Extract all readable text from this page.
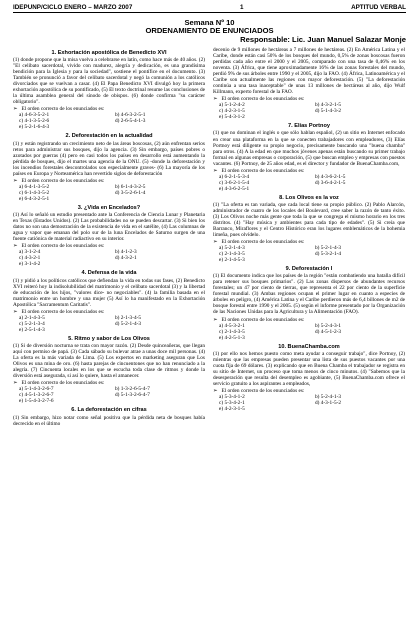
IDEPUNP/CICLO ENERO – MARZO 2007	1	APTITUD VERBAL
Semana Nº 10
ORDENAMIENTO DE ENUNCIADOS
Responsable: Lic. Juan Manuel Salazar Monje
1. Exhortación apostólica de Benedicto XVI

(1) donde propone que la misa vuelva a celebrarse en latín, como hace más de 40 años. (2) "El celibato sacerdotal, vivido con madurez, alegría y dedicación, es una grandísima bendición para la Iglesia y para la sociedad", sostiene el pontífice en el documento. (3) También se pronunció a favor del celibato sacerdotal y negó la comunión a los católicos divorciados que se vuelvan a casar. (4) El Papa Benedicto XVI divulgó hoy la primera exhortación apostólica de su pontificado, (5) El texto doctrinal resume las conclusiones de la última asamblea general del sínodo de obispos. (6) donde confirma "su carácter obligatorio".

➢ El orden correcto de los enunciados es:
a) 4-6-3-5-2-1	b) 4-6-3-2-5-1
c) 4-1-3-5-2-6	d) 2-6-5-4-1-3
e) 5-2-1-6-4-3
2. Deforestación en la actualidad

(1) y están registrando un crecimiento neto de las áreas boscosas, (2) aún enfrentan serios retos para administrar sus bosques, dijo la agencia. (3) Sin embargo, países pobres o azotados por guerras (4) pero en casi todos los países en desarrollo está aumentando la pérdida de bosques, dijo el martes una agencia de la ONU. (5) -donde la deforestación y los incendios forestales descontrolados son especialmente graves- (6) La mayoría de los países en Europa y Norteamérica han revertido siglos de deforestación

➢ El orden correcto de los enunciados es:
a) 6-4-1-3-5-2	b) 6-1-4-3-2-5
c) 6-1-4-3-5-2	d) 3-5-2-6-1-4
e) 6-4-3-2-5-1
3. ¿Vida en Encelados?

(1) Así lo señaló un estudio presentado ante la Conferencia de Ciencia Lunar y Planetaria en Texas (Estados Unidos). (2) Las probabilidades no se pueden descartar. (3) Si bien los datos no son una demostración de la existencia de vida en el satélite, (4) Las columnas de agua y vapor que emanan del polo sur de la luna Encelados de Saturno surgen de una fuente catiónica de material radiactivo en su interior.

➢ El orden correcto de los enunciados es:
a) 3-1-2-4	b) 4-1-2-3
c) 4-3-2-1	d) 4-3-2-1
e) 3-1-4-2
4. Defensa de la vida

(1) y pidió a los políticos católicos que defiendan la vida en todas sus fases, (2) Benedicto XVI reiteró hoy la indisolubilidad del matrimonio y el celibato sacerdotal (3) y la libertad de educación de los hijos, "valores dice- no negociables". (4) la familia basada en el matrimonio entre un hombre y una mujer (5) Así lo ha manifestado en la Exhortación Apostólica "Sacramentum Caritatis".

➢ El orden correcto de los enunciados es:
a) 2-1-4-3-5	b) 2-1-3-4-5
c) 5-2-1-3-4	d) 5-2-1-4-3
e) 2-5-1-4-3
5. Ritmo y sabor de Los Olivos

(1) Si de diversión nocturna se trata con mayor razón. (2) Desde quinceañeras, que llegan aquí con permiso de papá. (3) Cada sábado su bulevar atrae a unas doce mil personas. (4) La oferta es la más variada de Lima. (5) Los expertos en marketing aseguran que Los Olivos es una mina de oro. (6) hasta parejas de cincuentones que no han renunciado a la alegría. (7) Cincuenta locales en los que se escucha toda clase de ritmos y donde la diversión está asegurada, si así lo quiere, hasta el amanecer.

➢ El orden correcto de los enunciados es:
a) 5-1-4-3-2-6-7	b) 1-3-2-6-5-4-7
c) 4-5-1-3-2-6-7	d) 5-1-3-2-6-4-7
e) 1-5-4-3-2-7-6
6. La deforestación en cifras

(1) Sin embargo, hizo notar como señal positiva que la pérdida neta de bosques había decrecido en el último

decenio de 9 millones de hectáreas a 7 millones de hectáreas. (2) En América Latina y el Caribe, donde están casi 50% de los bosques del mundo, 0,5% de zonas boscosas fueron perdidas cada año entre el 2000 y el 2005, comparado con una tasa de 0,46% en los noventa. (3) África, que tiene aproximadamente 16% de las zonas forestales del mundo, perdió 9% de sus árboles entre 1990 y el 2005, dijo la FAO. (4) África, Latinoamérica y el Caribe son actualmente las regiones con mayor deforestación. (5) "La deforestación continúa a una tasa inaceptable" de unas 13 millones de hectáreas al año, dijo Wulf Killmann, experto forestal de la FAO.

➢ El orden correcto de los enunciados es:
a) 5-1-2-4-2	b) 4-3-2-1-5
c) 4-2-3-1-5	d) 5-1-4-3-2
e) 5-4-3-1-2
7. Elías Portnoy

(1) que no dominan el inglés o que sólo hablan español, (2) un sitio en Internet enfocado en crear una plataforma en la que se conecten trabajadores con empleadores, (3) Elías Portnoy está diligente su propio negocio, precisamente buscando una "buena chamba" para otros. (4) A la edad en que muchos jóvenes apenas están buscando su primer trabajo formal en algunas empresas o corporación, (5) que buscan empleo y empresas con puestos vacantes. (6) Portnoy, de 25 años edad, es el director y fundador de BuenaChamba.com,

➢ El orden correcto de los enunciados es:
a) 6-2-1-5-3-4	b) 4-3-6-2-1-5
c) 3-6-2-1-5-4	d) 3-6-4-2-1-5
e) 4-3-6-2-5-1
8. Los Olivos es la voz

(1) "La oferta es tan variada, que cada local tiene su propio público. (2) Pablo Alarcón, administrador de cuatro de los locales del Boulevard, cree saber la razón de tanto éxito. (3) Los Olivos noche más gente que toda la que se congrega el mismo horario en los tres distritos. (4) "Hay música y ambientes para cada tipo de edades". (5) Si creía que Barranco, Miraflores y el Centro Histórico eran los lugares emblemáticos de la bohemia limeña, pues olvídelo.

➢ El orden correcto de los enunciados es:
a) 5-2-1-4-3	b) 5-2-1-4-3
c) 2-1-4-3-5	d) 5-3-2-1-4
e) 2-1-4-5-3
9. Deforestación I

(1) El documento indica que los países de la región "están combatiendo una batalla difícil para retener sus bosques primarios". (2) Las zonas dispersos de abundantes recursos forestales; un 47 por ciento de tierras, que representa el 22 por ciento de la superficie forestal mundial. (3) Ambas regiones ocupan el primer lugar en cuanto a especies de árboles en peligro, (4) América Latina y el Caribe perdieron más de 6,4 billones de m2 de bosque forestal entre 1990 y el 2005. (5) según el informe presentado por la Organización de las Naciones Unidas para la Agricultura y la Alimentación (FAO).

➢ El orden correcto de los enunciados es:
a) 4-5-3-2-1	b) 5-2-4-3-1
c) 2-1-4-3-5	d) 4-5-1-2-3
e) 4-2-5-1-3
10. BuenaChamba.com

(1) por ello nos hemos puesto como meta ayudar a conseguir trabajo", dice Portnoy, (2) mientras que las empresas pueden presentar una lista de sus puestos vacantes por una cuota fija de 69 dólares. (3) explicando que en Buena Chamba el trabajador se registra en su sitio de Internet, un proceso que toma menos de cinco minutos. (4) "Sabemos que la desesperación que resulta del desempleo es agobiante, (5) BuenaChamba.com ofrece el servicio gratuito a los aspirantes a empleados,

➢ El orden correcto de los enunciados es:
a) 5-3-4-1-2	b) 5-2-4-1-3
c) 5-3-4-2-1	d) 4-3-1-5-2
e) 4-2-3-1-5
